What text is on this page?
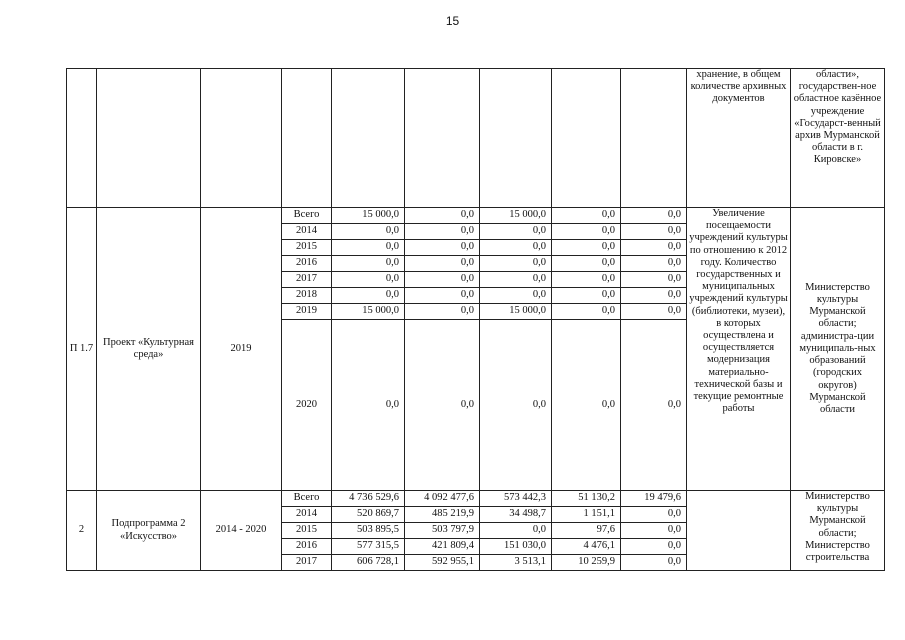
15
									хранение, в общем количестве архивных документов	области», государствен-ное областное казённое учреждение «Государст-венный архив Мурманской области в г. Кировске»
П 1.7	Проект «Культурная среда»	2019	Всего	15 000,0	0,0	15 000,0	0,0	0,0	Увеличение посещаемости учреждений культуры по отношению к 2012 году. Количество государственных и муниципальных учреждений культуры (библиотеки, музеи), в которых осуществлена и осуществляется модернизация материально-технической базы и текущие ремонтные работы	Министерство культуры Мурманской области; администра-ции муниципаль-ных образований (городских округов) Мурманской области
			2014	0,0	0,0	0,0	0,0	0,0		
			2015	0,0	0,0	0,0	0,0	0,0		
			2016	0,0	0,0	0,0	0,0	0,0		
			2017	0,0	0,0	0,0	0,0	0,0		
			2018	0,0	0,0	0,0	0,0	0,0		
			2019	15 000,0	0,0	15 000,0	0,0	0,0		
			2020	0,0	0,0	0,0	0,0	0,0		
2	Подпрограмма 2 «Искусство»	2014 - 2020	Всего	4 736 529,6	4 092 477,6	573 442,3	51 130,2	19 479,6		Министерство культуры Мурманской области; Министерство строительства
			2014	520 869,7	485 219,9	34 498,7	1 151,1	0,0		
			2015	503 895,5	503 797,9	0,0	97,6	0,0		
			2016	577 315,5	421 809,4	151 030,0	4 476,1	0,0		
			2017	606 728,1	592 955,1	3 513,1	10 259,9	0,0		
